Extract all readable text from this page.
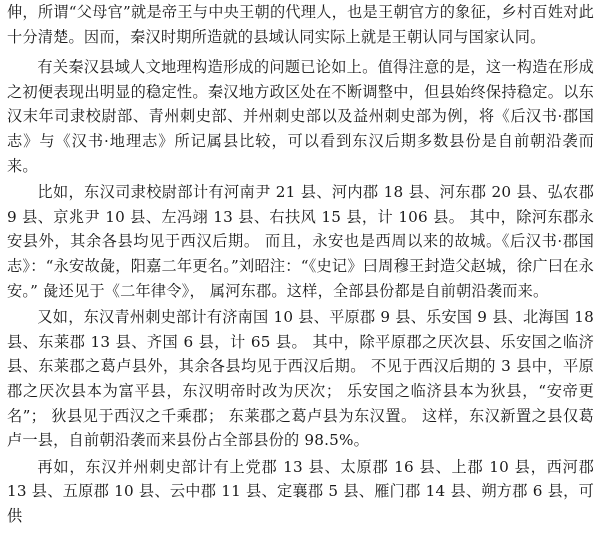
伸，所谓“父母官”就是帝王与中央王朝的代理人，也是王朝官方的象征，乡村百姓对此十分清楚。因而，秦汉时期所造就的县域认同实际上就是王朝认同与国家认同。

有关秦汉县域人文地理构造形成的问题已论如上。值得注意的是，这一构造在形成之初便表现出明显的稳定性。秦汉地方政区处在不断调整中，但县始终保持稳定。以东汉末年司隶校尉部、青州刺史部、并州刺史部以及益州刺史部为例，将《后汉书·郡国志》与《汉书·地理志》所记属县比较，可以看到东汉后期多数县份是自前朝沿袭而来。

比如，东汉司隶校尉部计有河南尹 21 县、河内郡 18 县、河东郡 20 县、弘农郡 9 县、京兆尹 10 县、左冯翊 13 县、右扶风 15 县，计 106 县。 其中，除河东郡永安县外，其余各县均见于西汉后期。 而且，永安也是西周以来的故城。《后汉书·郡国志》：“永安故彘，阳嘉二年更名。”刘昭注：“《史记》曰周穆王封造父赵城，徐广曰在永安。” 彘还见于《二年律令》， 属河东郡。这样，全部县份都是自前朝沿袭而来。

又如，东汉青州刺史部计有济南国 10 县、平原郡 9 县、乐安国 9 县、北海国 18 县、东莱郡 13 县、齐国 6 县，计 65 县。 其中，除平原郡之厌次县、乐安国之临济县、东莱郡之葛卢县外，其余各县均见于西汉后期。 不见于西汉后期的 3 县中，平原郡之厌次县本为富平县，东汉明帝时改为厌次； 乐安国之临济县本为狄县，“安帝更名”； 狄县见于西汉之千乘郡； 东莱郡之葛卢县为东汉置。 这样，东汉新置之县仅葛卢一县，自前朝沿袭而来县份占全部县份的 98.5%。

再如，东汉并州刺史部计有上党郡 13 县、太原郡 16 县、上郡 10 县，西河郡 13 县、五原郡 10 县、云中郡 11 县、定襄郡 5 县、雁门郡 14 县、朔方郡 6 县，可供
